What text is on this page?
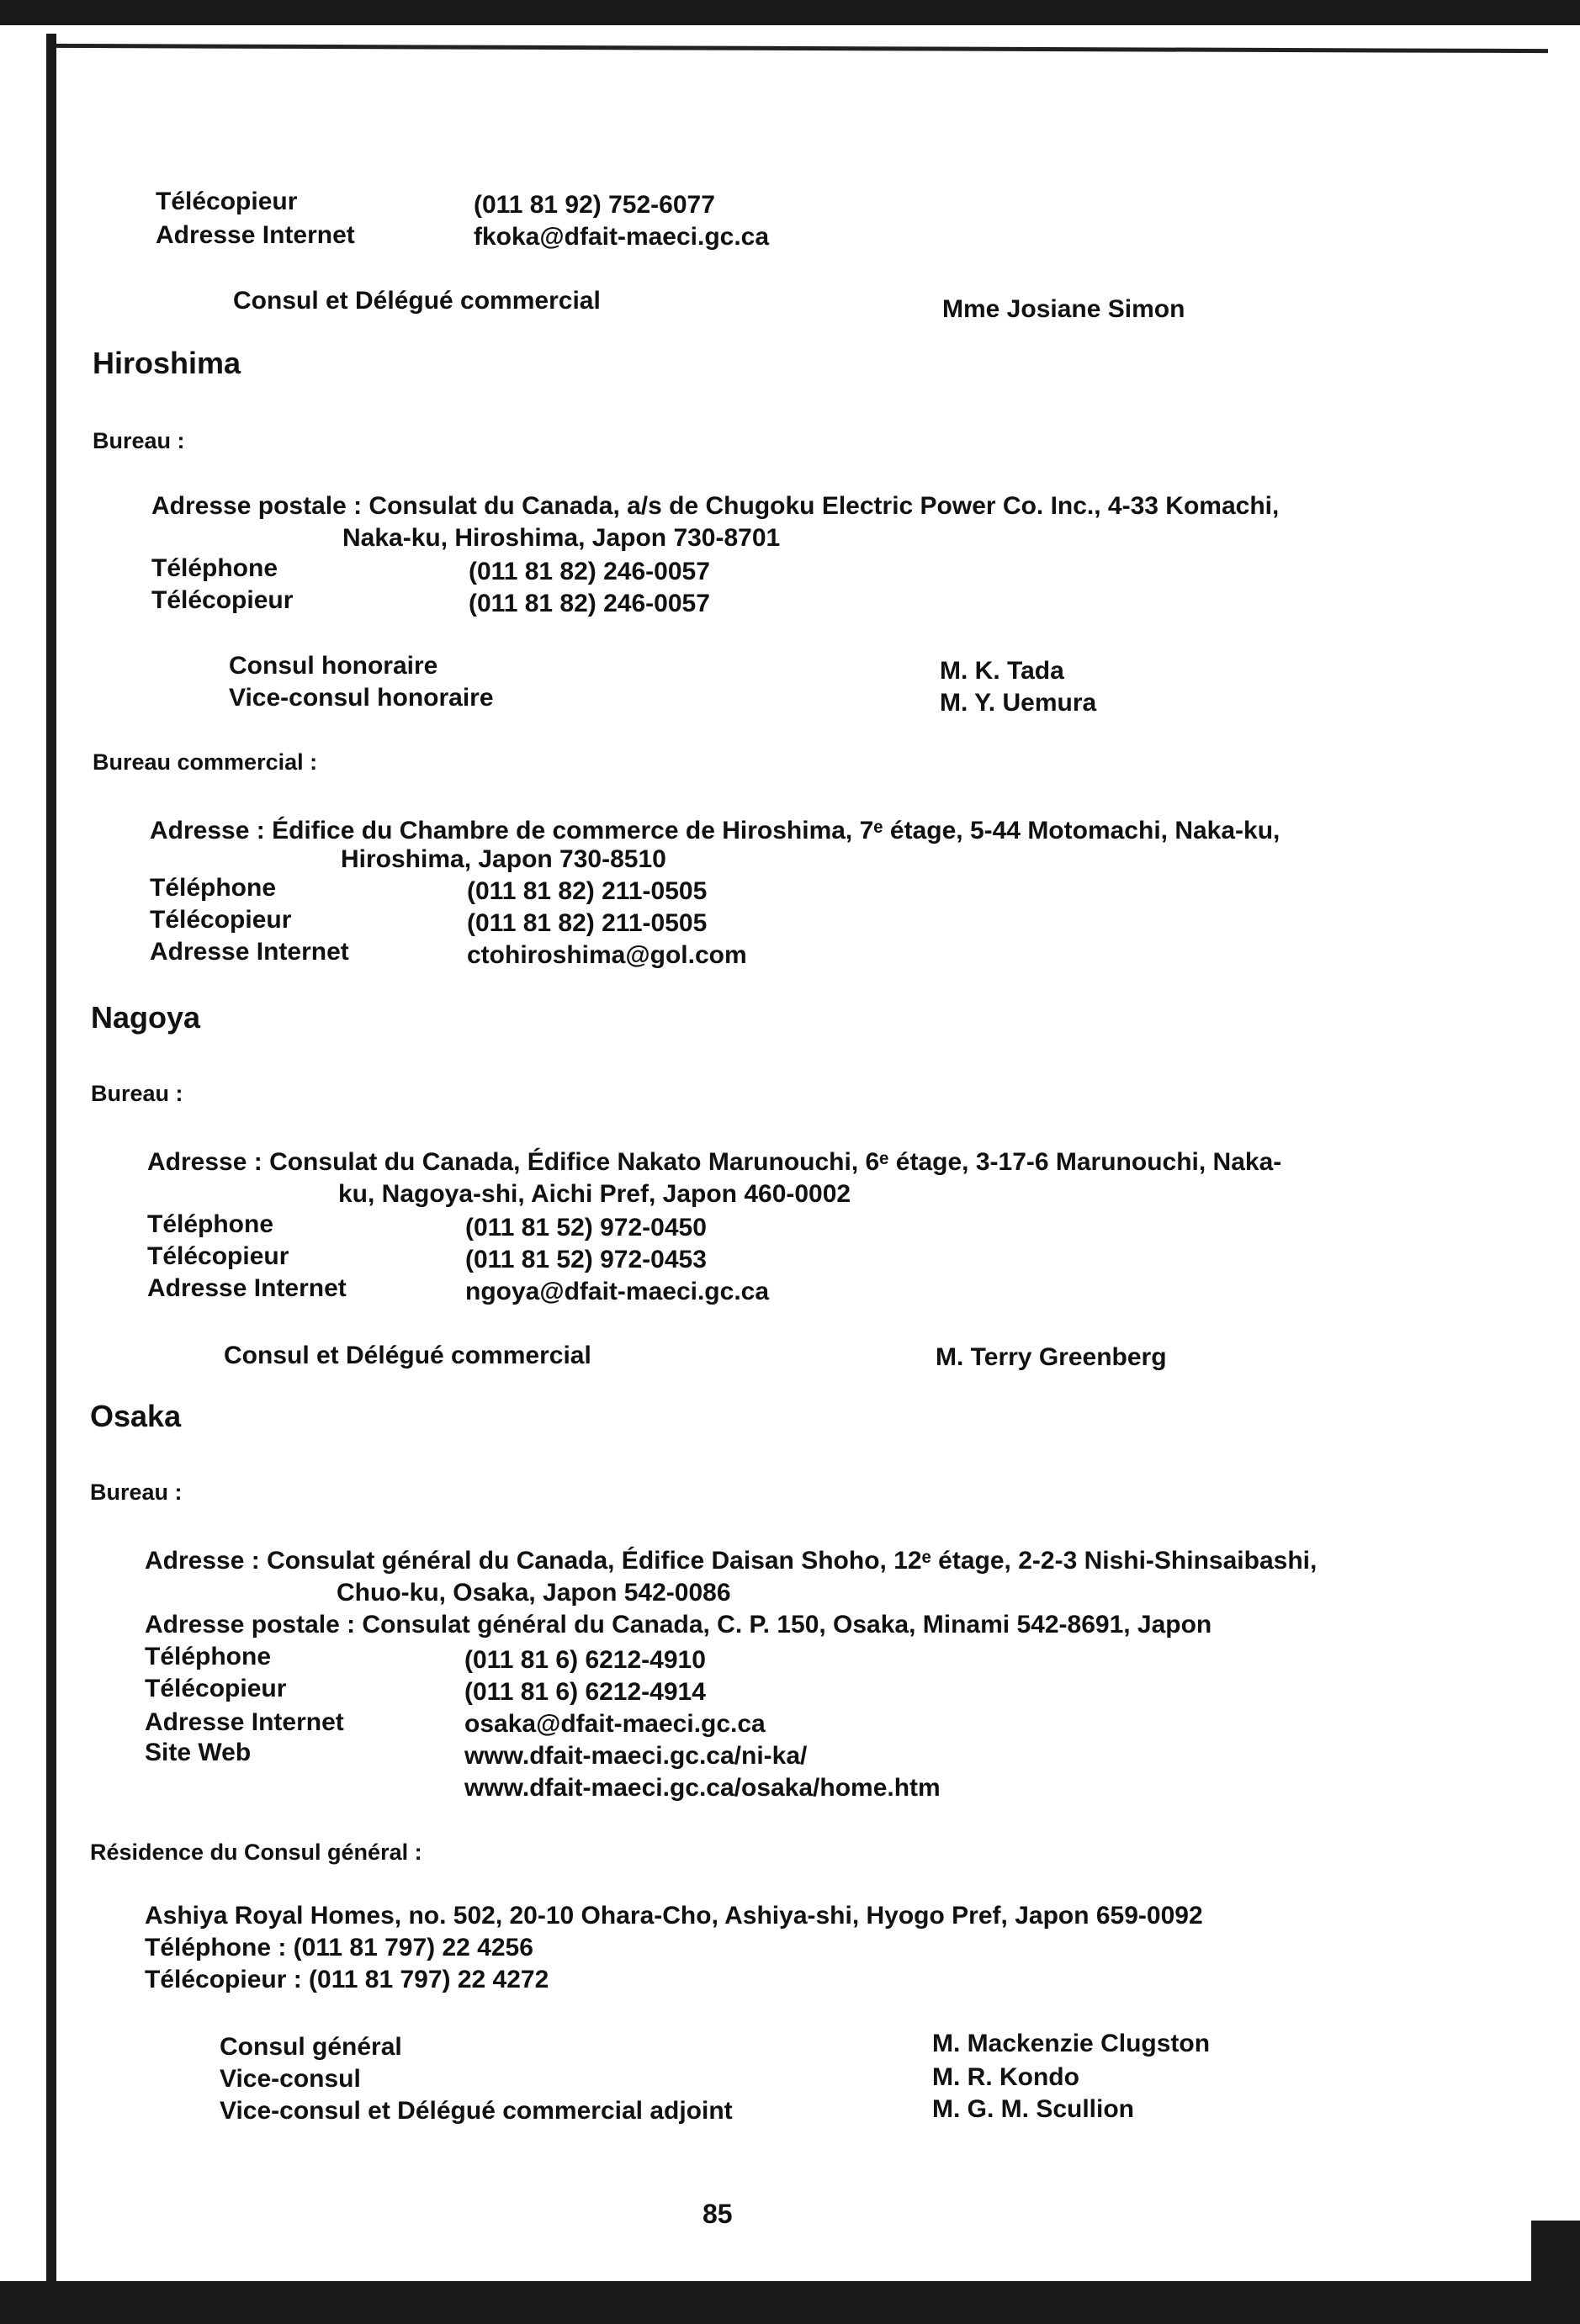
Télécopieur	(011 81 92) 752-6077
Adresse Internet	fkoka@dfait-maeci.gc.ca
Consul et Délégué commercial	Mme Josiane Simon
Hiroshima
Bureau :
Adresse postale : Consulat du Canada, a/s de Chugoku Electric Power Co. Inc., 4-33 Komachi,
Naka-ku, Hiroshima, Japon 730-8701
Téléphone	(011 81 82) 246-0057
Télécopieur	(011 81 82) 246-0057
Consul honoraire	M. K. Tada
Vice-consul honoraire	M. Y. Uemura
Bureau commercial :
Adresse : Édifice du Chambre de commerce de Hiroshima, 7ᵉ étage, 5-44 Motomachi, Naka-ku,
Hiroshima, Japon 730-8510
Téléphone	(011 81 82) 211-0505
Télécopieur	(011 81 82) 211-0505
Adresse Internet	ctohiroshima@gol.com
Nagoya
Bureau :
Adresse : Consulat du Canada, Édifice Nakato Marunouchi, 6ᵉ étage, 3-17-6 Marunouchi, Naka-
ku, Nagoya-shi, Aichi Pref, Japon 460-0002
Téléphone	(011 81 52) 972-0450
Télécopieur	(011 81 52) 972-0453
Adresse Internet	ngoya@dfait-maeci.gc.ca
Consul et Délégué commercial	M. Terry Greenberg
Osaka
Bureau :
Adresse : Consulat général du Canada, Édifice Daisan Shoho, 12ᵉ étage, 2-2-3 Nishi-Shinsaibashi,
Chuo-ku, Osaka, Japon 542-0086
Adresse postale : Consulat général du Canada, C. P. 150, Osaka, Minami 542-8691, Japon
Téléphone	(011 81 6) 6212-4910
Télécopieur	(011 81 6) 6212-4914
Adresse Internet	osaka@dfait-maeci.gc.ca
Site Web	www.dfait-maeci.gc.ca/ni-ka/
www.dfait-maeci.gc.ca/osaka/home.htm
Résidence du Consul général :
Ashiya Royal Homes, no. 502, 20-10 Ohara-Cho, Ashiya-shi, Hyogo Pref, Japon 659-0092
Téléphone : (011 81 797) 22 4256
Télécopieur : (011 81 797) 22 4272
Consul général	M. Mackenzie Clugston
Vice-consul	M. R. Kondo
Vice-consul et Délégué commercial adjoint	M. G. M. Scullion
85
